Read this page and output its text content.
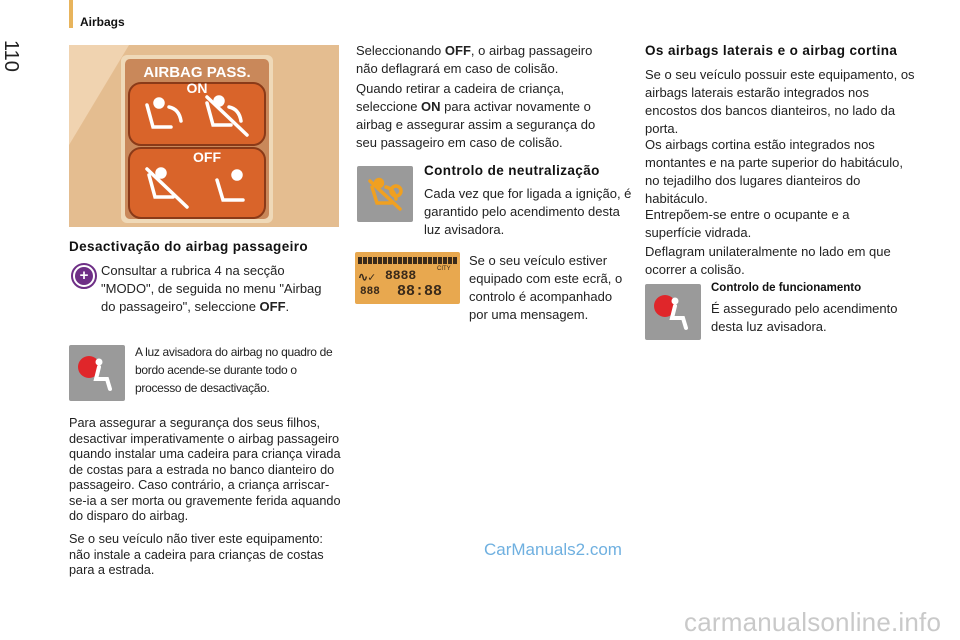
Airbags
110
AIRBAG PASS.
ON
OFF

Desactivação do airbag passageiro

+ Consultar a rubrica 4 na secção "MODO", de seguida no menu "Airbag do passageiro", seleccione OFF.

A luz avisadora do airbag no quadro de bordo acende-se durante todo o processo de desactivação.

Para assegurar a segurança dos seus filhos, desactivar imperativamente o airbag passageiro quando instalar uma cadeira para criança virada de costas para a estrada no banco dianteiro do passageiro. Caso contrário, a criança arriscar-se-ia a ser morta ou gravemente ferida aquando do disparo do airbag.

Se o seu veículo não tiver este equipamento: não instale a cadeira para crianças de costas para a estrada.

Seleccionando OFF, o airbag passageiro não deflagrará em caso de colisão.

Quando retirar a cadeira de criança, seleccione ON para activar novamente o airbag e assegurar assim a segurança do seu passageiro em caso de colisão.

Controlo de neutralização

Cada vez que for ligada a ignição, é garantido pelo acendimento desta luz avisadora.

∿✓ 8888	CITY
888 88:88

Se o seu veículo estiver equipado com este ecrã, o controlo é acompanhado por uma mensagem.

Os airbags laterais e o airbag cortina

Se o seu veículo possuir este equipamento, os airbags laterais estarão integrados nos encostos dos bancos dianteiros, no lado da porta.

Os airbags cortina estão integrados nos montantes e na parte superior do habitáculo, no tejadilho dos lugares dianteiros do habitáculo.

Entrepõem-se entre o ocupante e a superfície vidrada.

Deflagram unilateralmente no lado em que ocorrer a colisão.

Controlo de funcionamento

É assegurado pelo acendimento desta luz avisadora.

CarManuals2.com
carmanualsonline.info
